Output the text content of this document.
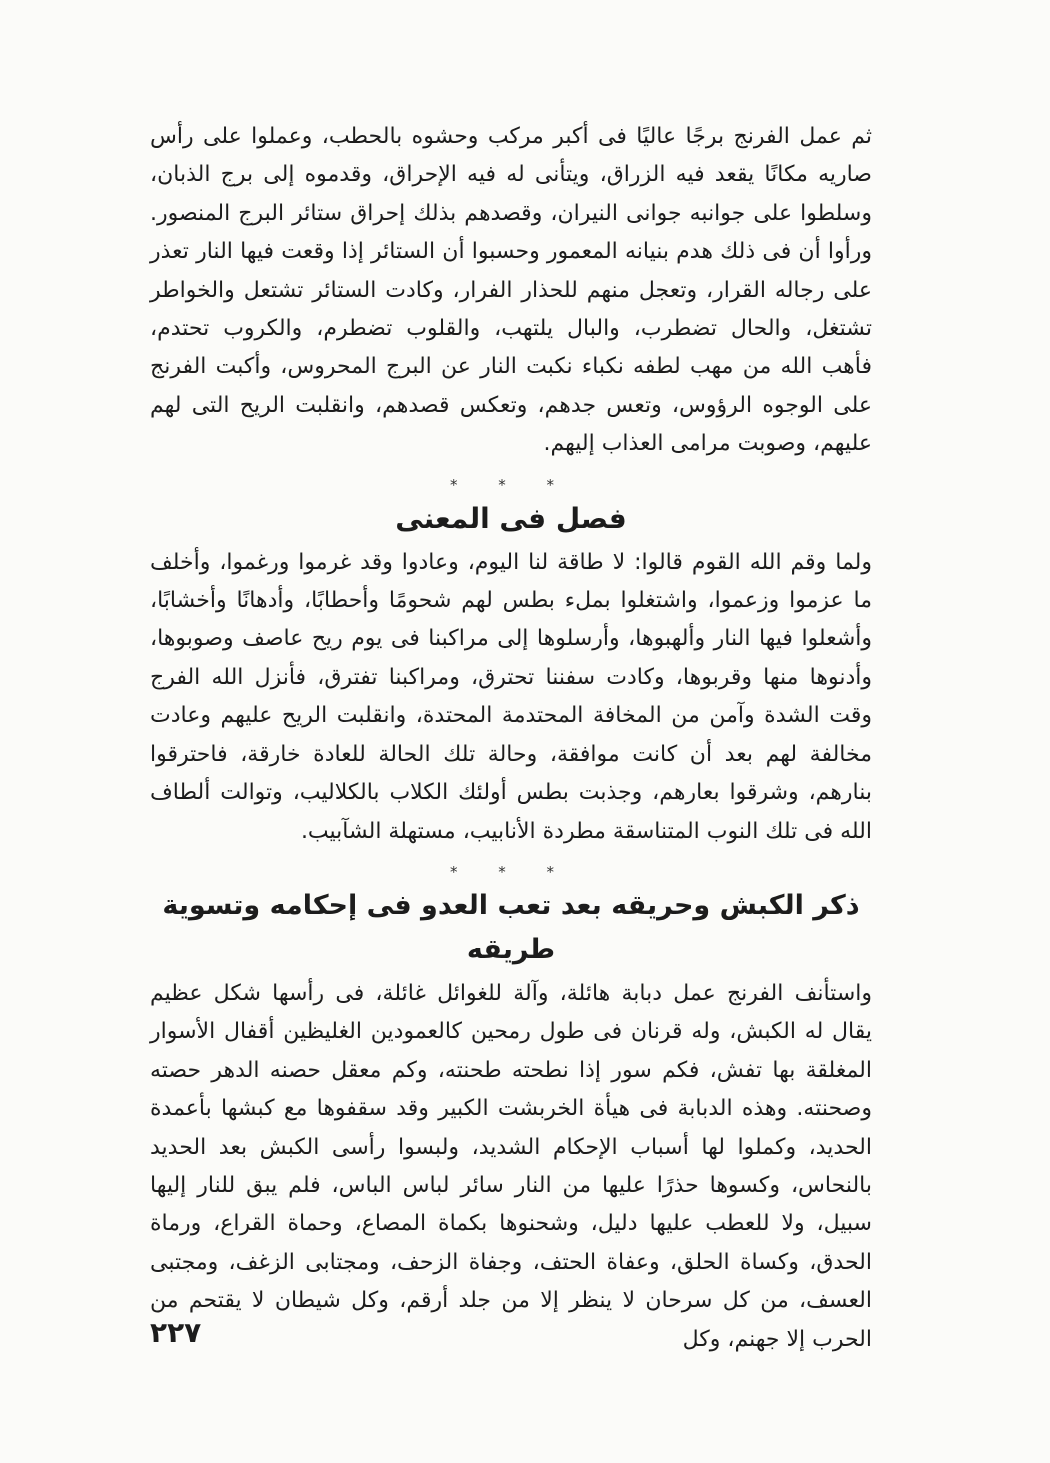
ثم عمل الفرنج برجًا عاليًا فى أكبر مركب وحشوه بالحطب، وعملوا على رأس صاريه مكانًا يقعد فيه الزراق، ويتأنى له فيه الإحراق، وقدموه إلى برج الذبان، وسلطوا على جوانبه جوانى النيران، وقصدهم بذلك إحراق ستائر البرج المنصور. ورأوا أن فى ذلك هدم بنيانه المعمور وحسبوا أن الستائر إذا وقعت فيها النار تعذر على رجاله القرار، وتعجل منهم للحذار الفرار، وكادت الستائر تشتعل والخواطر تشتغل، والحال تضطرب، والبال يلتهب، والقلوب تضطرم، والكروب تحتدم، فأهب الله من مهب لطفه نكباء نكبت النار عن البرج المحروس، وأكبت الفرنج على الوجوه الرؤوس، وتعس جدهم، وتعكس قصدهم، وانقلبت الريح التى لهم عليهم، وصوبت مرامى العذاب إليهم.

* * *
فصل فى المعنى

ولما وقم الله القوم قالوا: لا طاقة لنا اليوم، وعادوا وقد غرموا ورغموا، وأخلف ما عزموا وزعموا، واشتغلوا بملء بطس لهم شحومًا وأحطابًا، وأدهانًا وأخشابًا، وأشعلوا فيها النار وألهبوها، وأرسلوها إلى مراكبنا فى يوم ريح عاصف وصوبوها، وأدنوها منها وقربوها، وكادت سفننا تحترق، ومراكبنا تفترق، فأنزل الله الفرج وقت الشدة وآمن من المخافة المحتدمة المحتدة، وانقلبت الريح عليهم وعادت مخالفة لهم بعد أن كانت موافقة، وحالة تلك الحالة للعادة خارقة، فاحترقوا بنارهم، وشرقوا بعارهم، وجذبت بطس أولئك الكلاب بالكلاليب، وتوالت ألطاف الله فى تلك النوب المتناسقة مطردة الأنابيب، مستهلة الشآبيب.

* * *
ذكر الكبش وحريقه بعد تعب العدو فى إحكامه وتسوية طريقه

واستأنف الفرنج عمل دبابة هائلة، وآلة للغوائل غائلة، فى رأسها شكل عظيم يقال له الكبش، وله قرنان فى طول رمحين كالعمودين الغليظين أقفال الأسوار المغلقة بها تفش، فكم سور إذا نطحته طحنته، وكم معقل حصنه الدهر حصته وصحنته. وهذه الدبابة فى هيأة الخربشت الكبير وقد سقفوها مع كبشها بأعمدة الحديد، وكملوا لها أسباب الإحكام الشديد، ولبسوا رأسى الكبش بعد الحديد بالنحاس، وكسوها حذرًا عليها من النار سائر لباس الباس، فلم يبق للنار إليها سبيل، ولا للعطب عليها دليل، وشحنوها بكماة المصاع، وحماة القراع، ورماة الحدق، وكساة الحلق، وعفاة الحتف، وجفاة الزحف، ومجتابى الزغف، ومجتبى العسف، من كل سرحان لا ينظر إلا من جلد أرقم، وكل شيطان لا يقتحم من الحرب إلا جهنم، وكل

٢٢٧
